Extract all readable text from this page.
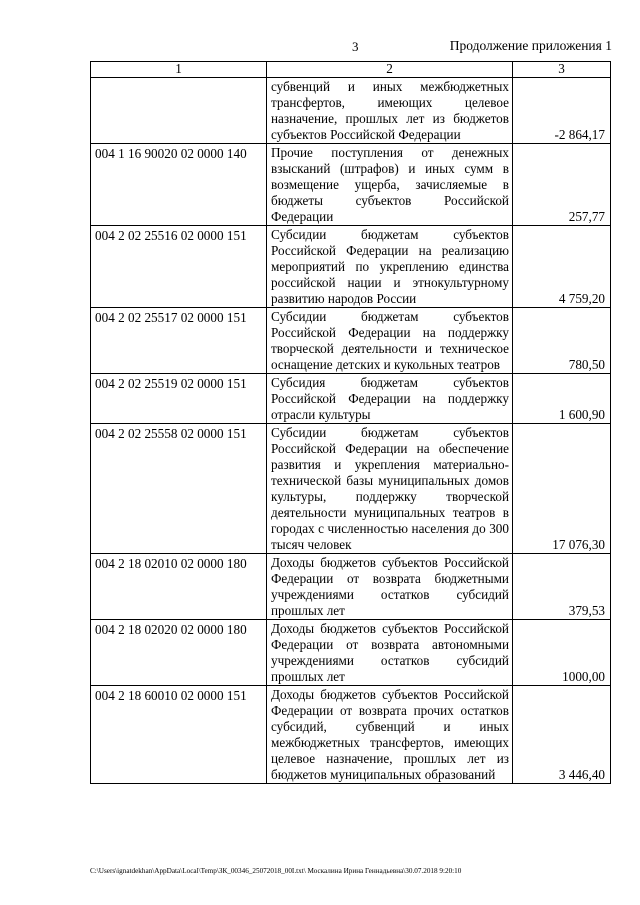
3	Продолжение приложения 1
1	2	3
	субвенций и иных межбюджетных трансфертов, имеющих целевое назначение, прошлых лет из бюджетов субъектов Российской Федерации	-2 864,17
004 1 16 90020 02 0000 140	Прочие поступления от денежных взысканий (штрафов) и иных сумм в возмещение ущерба, зачисляемые в бюджеты субъектов Российской Федерации	257,77
004 2 02 25516 02 0000 151	Субсидии бюджетам субъектов Российской Федерации на реализацию мероприятий по укреплению единства российской нации и этнокультурному развитию народов России	4 759,20
004 2 02 25517 02 0000 151	Субсидии бюджетам субъектов Российской Федерации на поддержку творческой деятельности и техническое оснащение детских и кукольных театров	780,50
004 2 02 25519 02 0000 151	Субсидия бюджетам субъектов Российской Федерации на поддержку отрасли культуры	1 600,90
004 2 02 25558 02 0000 151	Субсидии бюджетам субъектов Российской Федерации на обеспечение развития и укрепления материально-технической базы муниципальных домов культуры, поддержку творческой деятельности муниципальных театров в городах с численностью населения до 300 тысяч человек	17 076,30
004 2 18 02010 02 0000 180	Доходы бюджетов субъектов Российской Федерации от возврата бюджетными учреждениями остатков субсидий прошлых лет	379,53
004 2 18 02020 02 0000 180	Доходы бюджетов субъектов Российской Федерации от возврата автономными учреждениями остатков субсидий прошлых лет	1000,00
004 2 18 60010 02 0000 151	Доходы бюджетов субъектов Российской Федерации от возврата прочих остатков субсидий, субвенций и иных межбюджетных трансфертов, имеющих целевое назначение, прошлых лет из бюджетов муниципальных образований	3 446,40
C:\Users\ignatdekhan\AppData\Local\Temp\ЗК_00346_25072018_00I.txt\ Москалина Ирина Геннадьевна\30.07.2018 9:20:10
